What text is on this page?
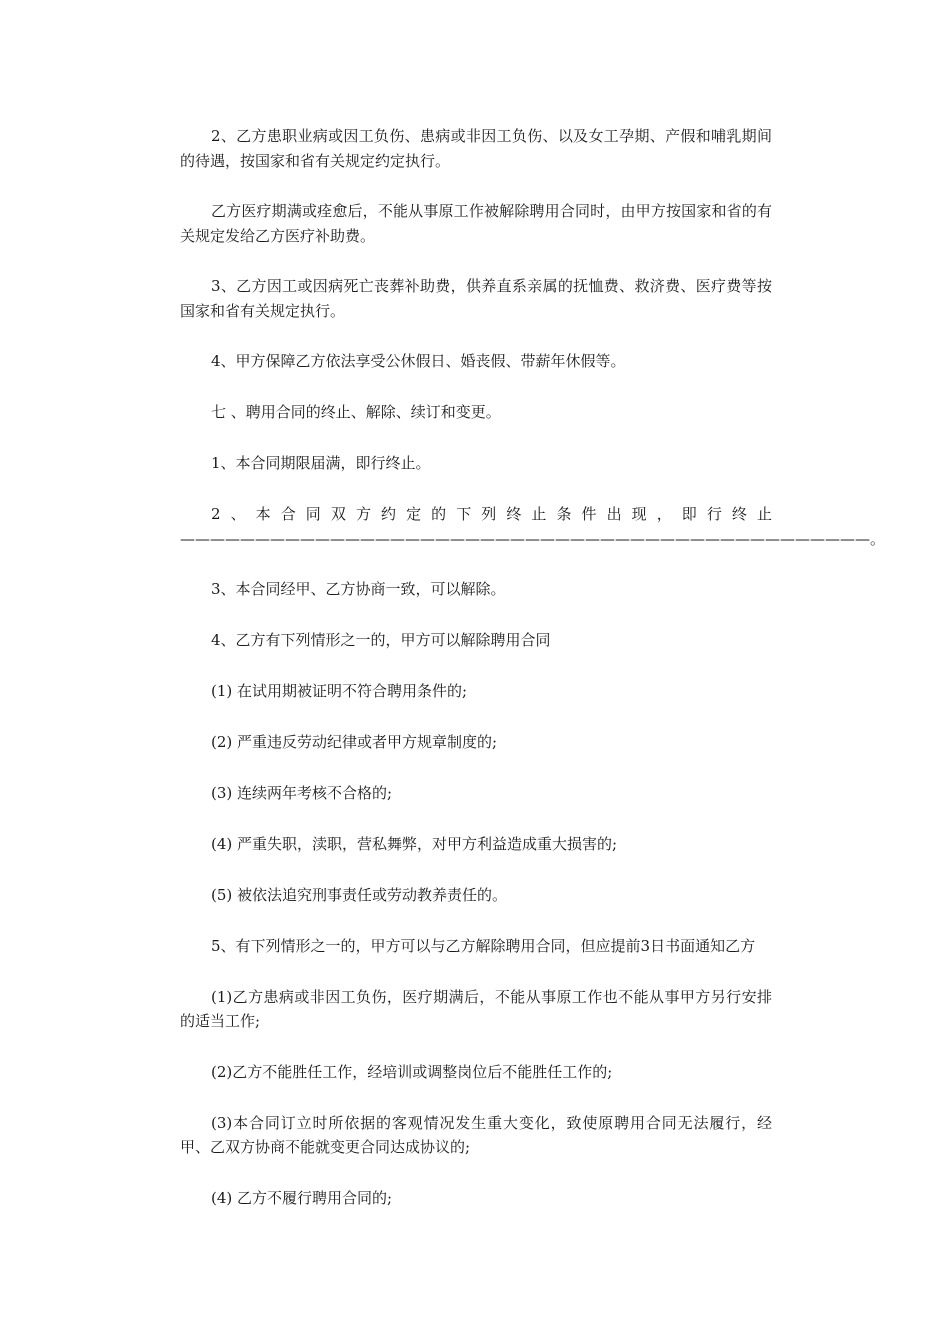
2、乙方患职业病或因工负伤、患病或非因工负伤、以及女工孕期、产假和哺乳期间的待遇，按国家和省有关规定约定执行。

乙方医疗期满或痊愈后，不能从事原工作被解除聘用合同时，由甲方按国家和省的有关规定发给乙方医疗补助费。

3、乙方因工或因病死亡丧葬补助费，供养直系亲属的抚恤费、救济费、医疗费等按国家和省有关规定执行。

4、甲方保障乙方依法享受公休假日、婚丧假、带薪年休假等。

七 、聘用合同的终止、解除、续订和变更。

1、本合同期限届满，即行终止。

2、本合同双方约定的下列终止条件出现，即行终止——————————————————————————————————————————————。

3、本合同经甲、乙方协商一致，可以解除。

4、乙方有下列情形之一的，甲方可以解除聘用合同

(1) 在试用期被证明不符合聘用条件的;

(2) 严重违反劳动纪律或者甲方规章制度的;

(3) 连续两年考核不合格的;

(4) 严重失职，渎职，营私舞弊，对甲方利益造成重大损害的;

(5) 被依法追究刑事责任或劳动教养责任的。

5、有下列情形之一的，甲方可以与乙方解除聘用合同，但应提前3日书面通知乙方

(1)乙方患病或非因工负伤，医疗期满后，不能从事原工作也不能从事甲方另行安排的适当工作;

(2)乙方不能胜任工作，经培训或调整岗位后不能胜任工作的;

(3)本合同订立时所依据的客观情况发生重大变化，致使原聘用合同无法履行，经甲、乙双方协商不能就变更合同达成协议的;

(4) 乙方不履行聘用合同的;
